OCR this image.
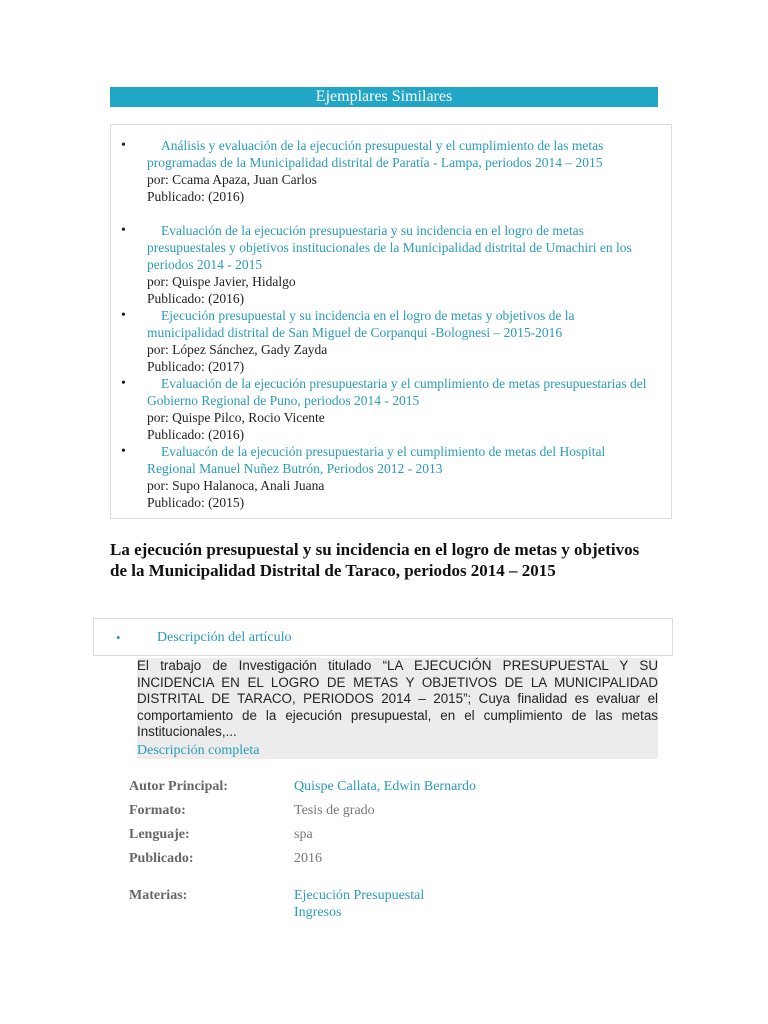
Ejemplares Similares
•	Análisis y evaluación de la ejecución presupuestal y el cumplimiento de las metas programadas de la Municipalidad distrital de Paratía - Lampa, periodos 2014 – 2015
por: Ccama Apaza, Juan Carlos
Publicado: (2016)
•	Evaluación de la ejecución presupuestaria y su incidencia en el logro de metas presupuestales y objetivos institucionales de la Municipalidad distrital de Umachiri en los periodos 2014 - 2015
por: Quispe Javier, Hidalgo
Publicado: (2016)
•	Ejecución presupuestal y su incidencia en el logro de metas y objetivos de la municipalidad distrital de San Miguel de Corpanqui -Bolognesi – 2015-2016
por: López Sánchez, Gady Zayda
Publicado: (2017)
•	Evaluación de la ejecución presupuestaria y el cumplimiento de metas presupuestarias del Gobierno Regional de Puno, periodos 2014 - 2015
por: Quispe Pilco, Rocio Vicente
Publicado: (2016)
•	Evaluacón de la ejecución presupuestaria y el cumplimiento de metas del Hospital Regional Manuel Nuñez Butrón, Periodos 2012 - 2013
por: Supo Halanoca, Anali Juana
Publicado: (2015)
La ejecución presupuestal y su incidencia en el logro de metas y objetivos de la Municipalidad Distrital de Taraco, periodos 2014 – 2015
•	Descripción del artículo
El trabajo de Investigación titulado “LA EJECUCIÓN PRESUPUESTAL Y SU INCIDENCIA EN EL LOGRO DE METAS Y OBJETIVOS DE LA MUNICIPALIDAD DISTRITAL DE TARACO, PERIODOS 2014 – 2015”; Cuya finalidad es evaluar el comportamiento de la ejecución presupuestal, en el cumplimiento de las metas Institucionales,...
Descripción completa
Autor Principal:	Quispe Callata, Edwin Bernardo
Formato:	Tesis de grado
Lenguaje:	spa
Publicado:	2016
Materias:	Ejecución Presupuestal
Ingresos
